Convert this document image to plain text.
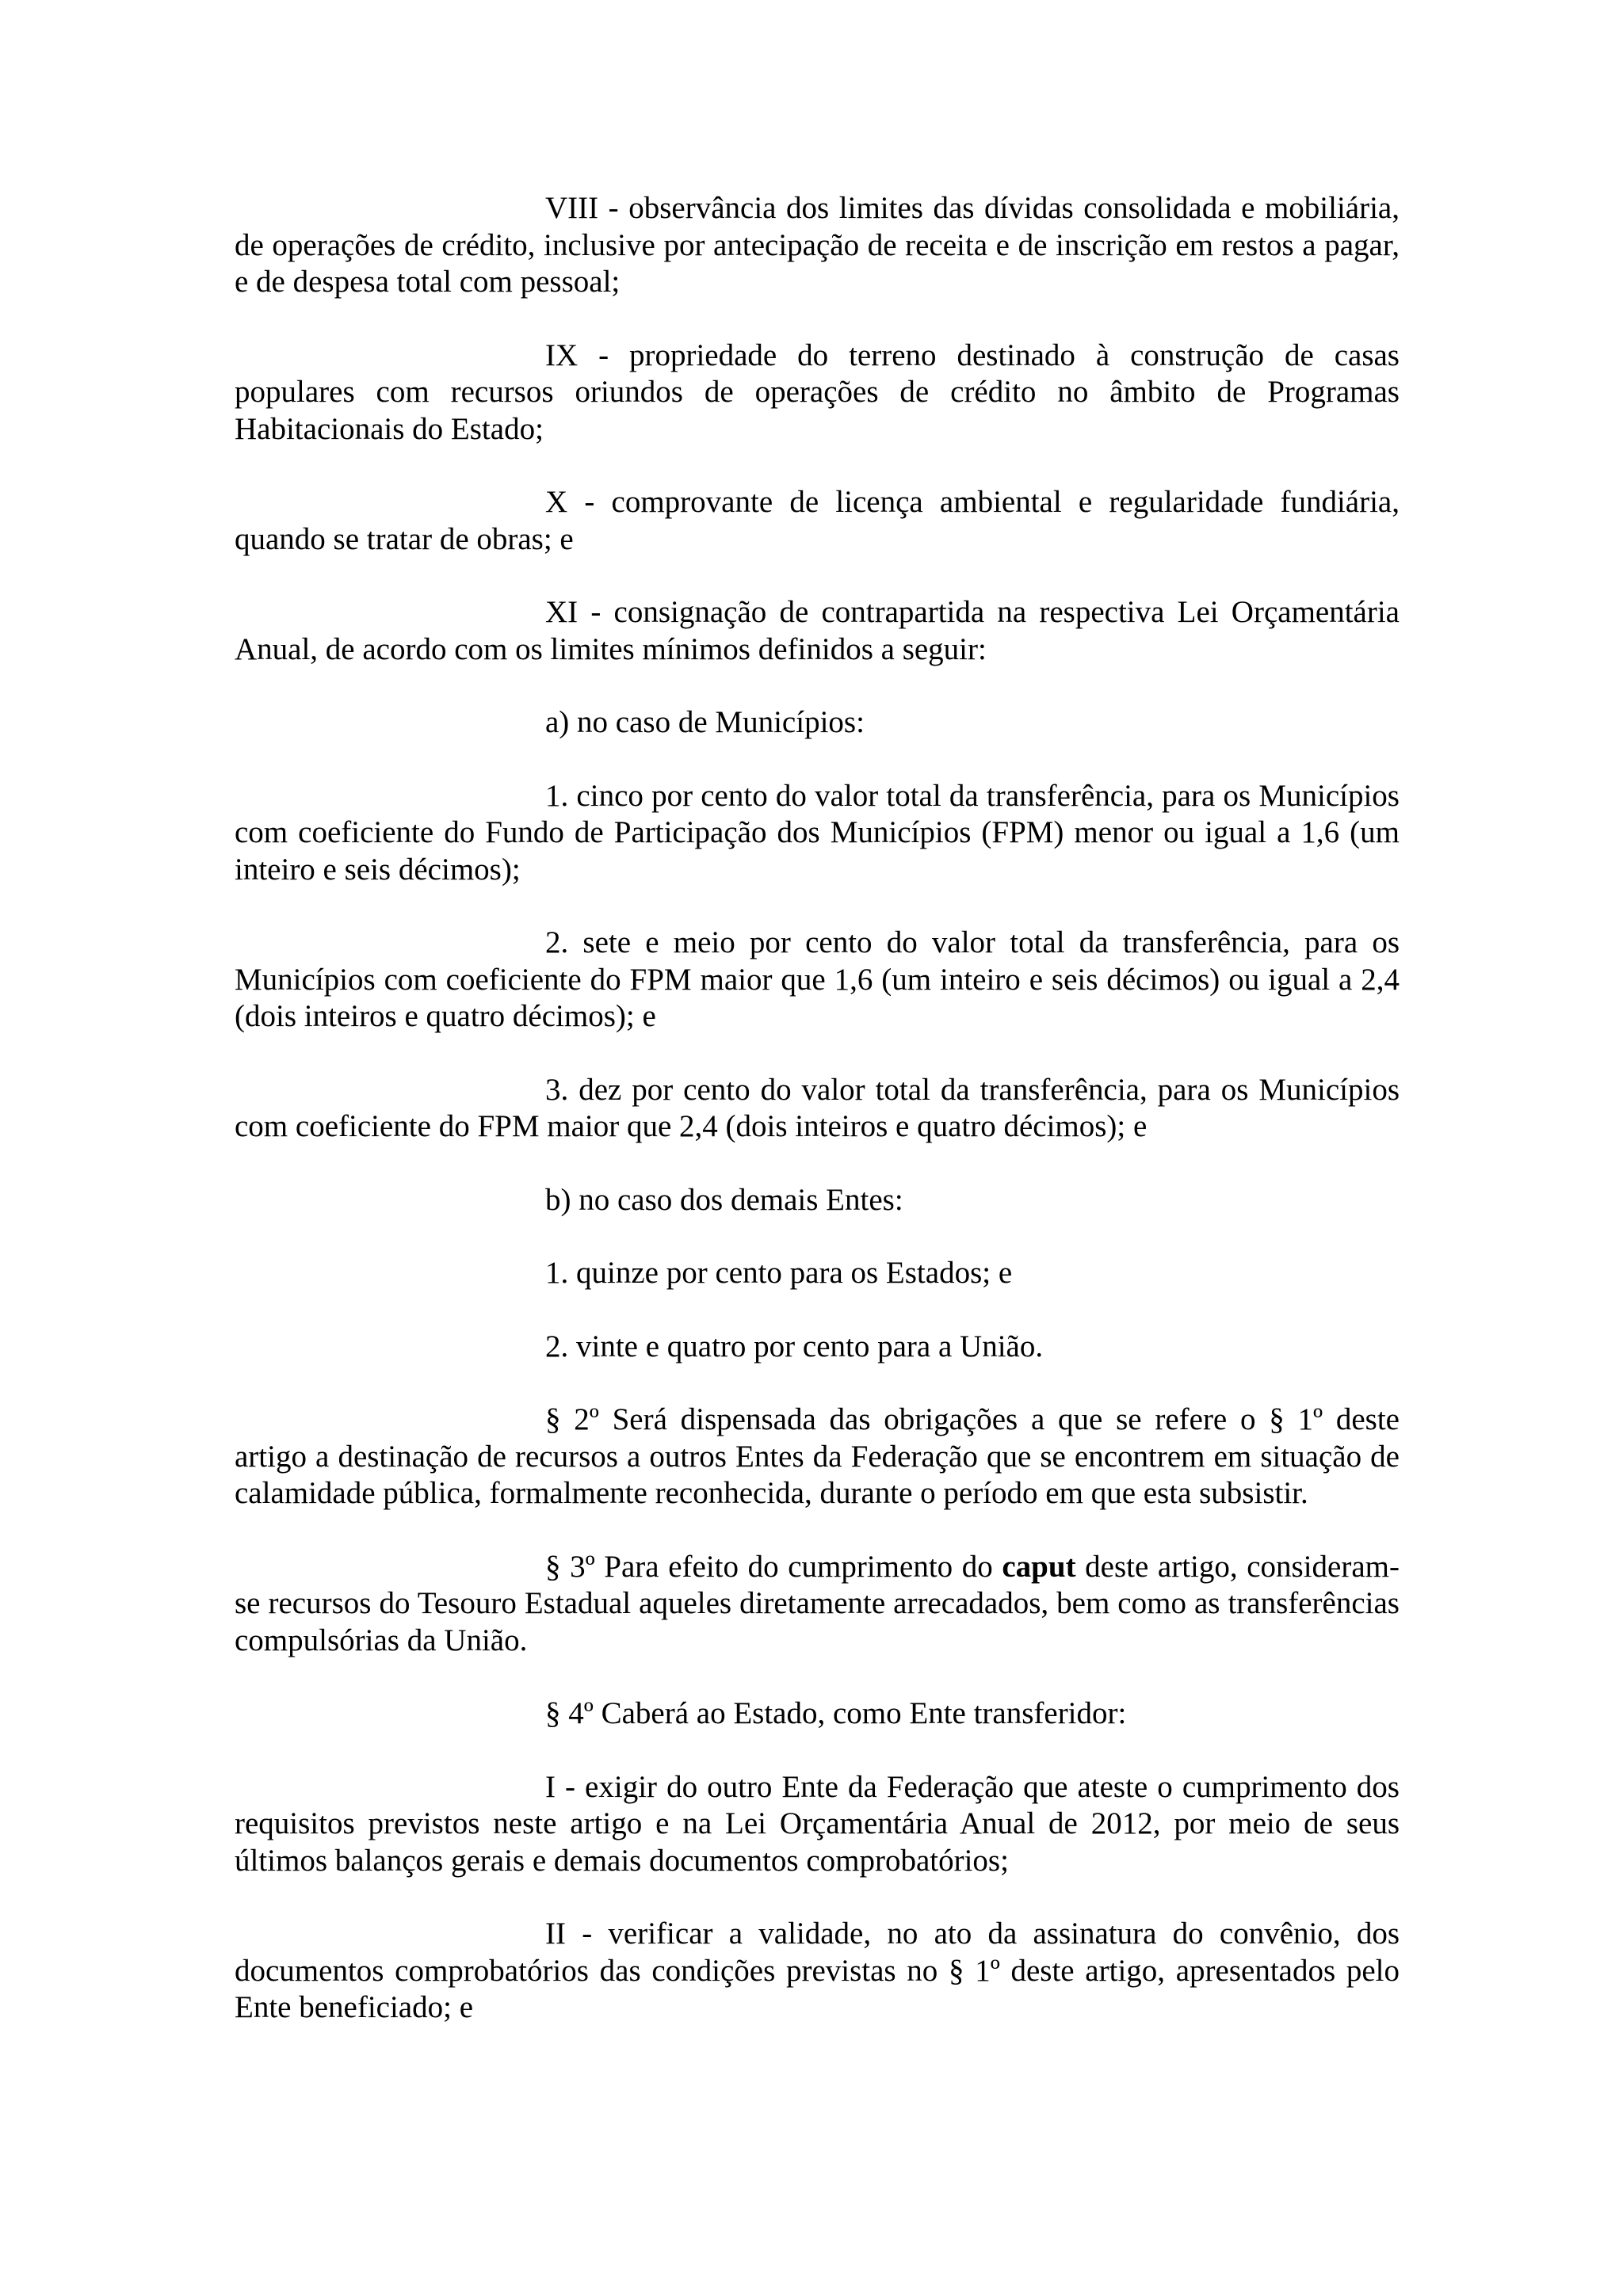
VIII - observância dos limites das dívidas consolidada e mobiliária, de operações de crédito, inclusive por antecipação de receita e de inscrição em restos a pagar, e de despesa total com pessoal;

IX - propriedade do terreno destinado à construção de casas populares com recursos oriundos de operações de crédito no âmbito de Programas Habitacionais do Estado;

X - comprovante de licença ambiental e regularidade fundiária, quando se tratar de obras; e

XI - consignação de contrapartida na respectiva Lei Orçamentária Anual, de acordo com os limites mínimos definidos a seguir:

a) no caso de Municípios:

1. cinco por cento do valor total da transferência, para os Municípios com coeficiente do Fundo de Participação dos Municípios (FPM) menor ou igual a 1,6 (um inteiro e seis décimos);

2. sete e meio por cento do valor total da transferência, para os Municípios com coeficiente do FPM maior que 1,6 (um inteiro e seis décimos) ou igual a 2,4 (dois inteiros e quatro décimos); e

3. dez por cento do valor total da transferência, para os Municípios com coeficiente do FPM maior que 2,4 (dois inteiros e quatro décimos); e

b) no caso dos demais Entes:

1. quinze por cento para os Estados; e

2. vinte e quatro por cento para a União.

§ 2º Será dispensada das obrigações a que se refere o § 1º deste artigo a destinação de recursos a outros Entes da Federação que se encontrem em situação de calamidade pública, formalmente reconhecida, durante o período em que esta subsistir.

§ 3º Para efeito do cumprimento do caput deste artigo, consideram-se recursos do Tesouro Estadual aqueles diretamente arrecadados, bem como as transferências compulsórias da União.

§ 4º Caberá ao Estado, como Ente transferidor:

I - exigir do outro Ente da Federação que ateste o cumprimento dos requisitos previstos neste artigo e na Lei Orçamentária Anual de 2012, por meio de seus últimos balanços gerais e demais documentos comprobatórios;

II - verificar a validade, no ato da assinatura do convênio, dos documentos comprobatórios das condições previstas no § 1º deste artigo, apresentados pelo Ente beneficiado; e
